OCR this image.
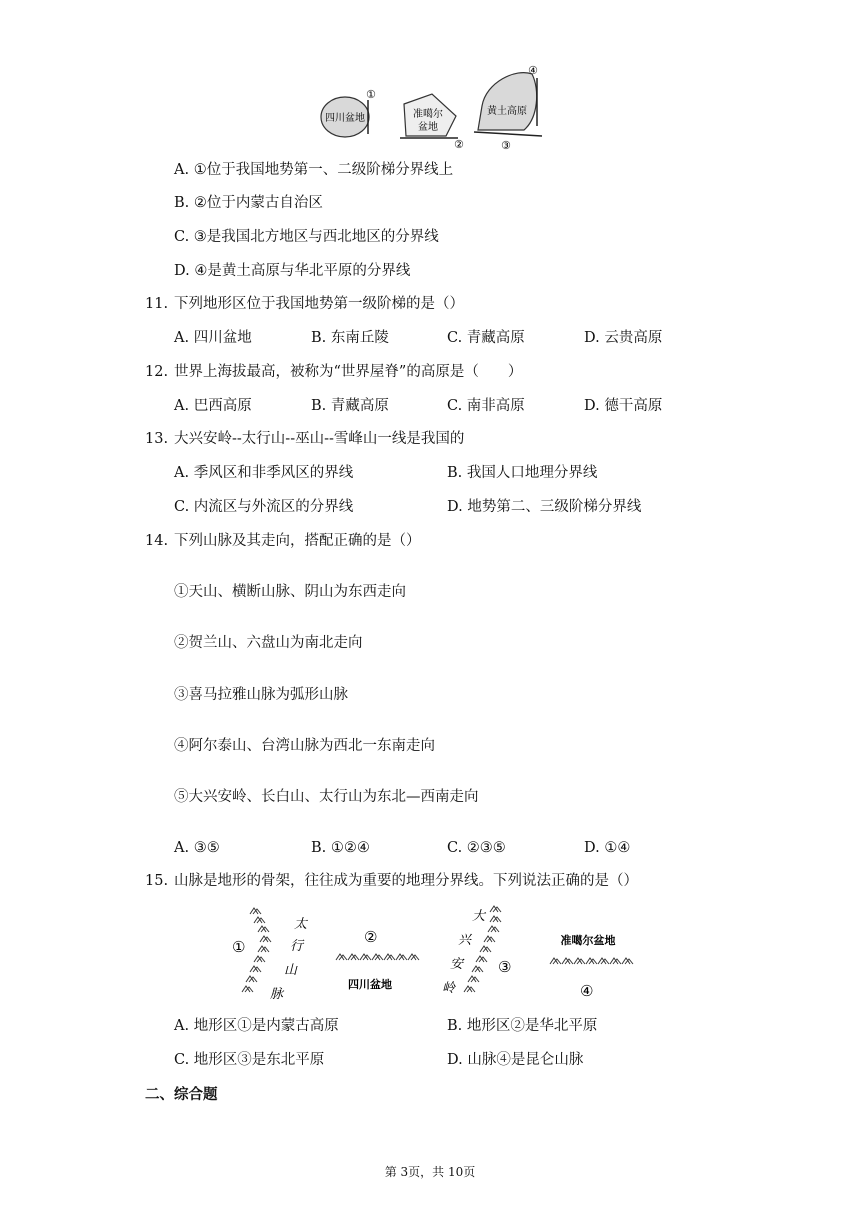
四川盆地
①
准噶尔
盆地
②
黄土高原
③
④
A. ①位于我国地势第一、二级阶梯分界线上
B. ②位于内蒙古自治区
C. ③是我国北方地区与西北地区的分界线
D. ④是黄土高原与华北平原的分界线
11. 下列地形区位于我国地势第一级阶梯的是（）
A. 四川盆地	B. 东南丘陵	C. 青藏高原	D. 云贵高原
12. 世界上海拔最高，被称为“世界屋脊”的高原是（　　）
A. 巴西高原	B. 青藏高原	C. 南非高原	D. 德干高原
13. 大兴安岭--太行山--巫山--雪峰山一线是我国的
A. 季风区和非季风区的界线	B. 我国人口地理分界线
C. 内流区与外流区的分界线	D. 地势第二、三级阶梯分界线
14. 下列山脉及其走向，搭配正确的是（）
①天山、横断山脉、阴山为东西走向
②贺兰山、六盘山为南北走向
③喜马拉雅山脉为弧形山脉
④阿尔泰山、台湾山脉为西北一东南走向
⑤大兴安岭、长白山、太行山为东北—西南走向
A. ③⑤	B. ①②④	C. ②③⑤	D. ①④
15. 山脉是地形的骨架，往往成为重要的地理分界线。下列说法正确的是（）
①
太
行
山
脉
②
四川盆地
大
兴
安
岭
③
准噶尔盆地
④
A. 地形区①是内蒙古高原	B. 地形区②是华北平原
C. 地形区③是东北平原	D. 山脉④是昆仑山脉
二、综合题
第 3页，共 10页
